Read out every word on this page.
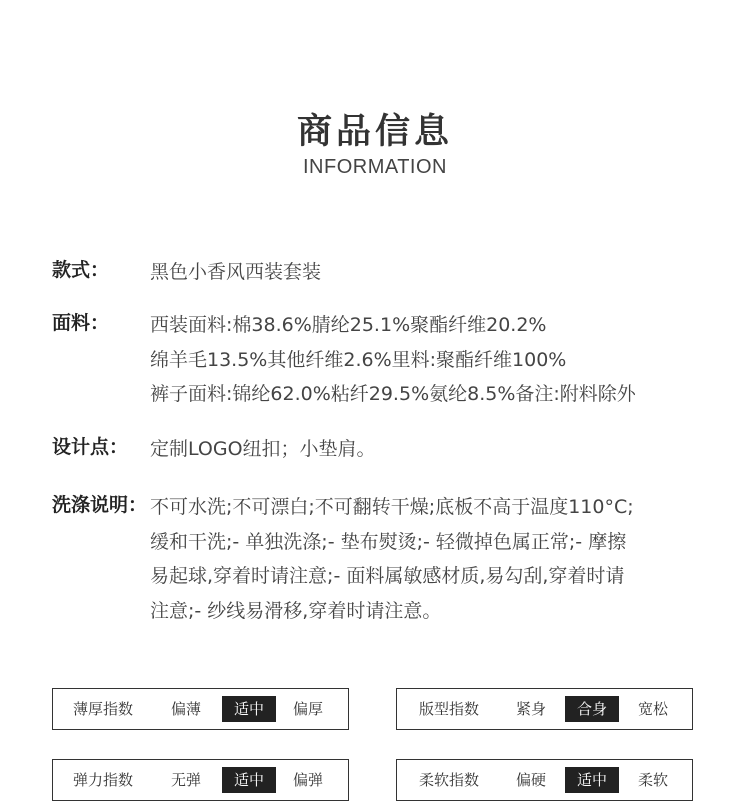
商品信息
INFORMATION
款式： 黑色小香风西装套装
面料： 西装面料:棉38.6%腈纶25.1%聚酯纤维20.2%
绵羊毛13.5%其他纤维2.6%里料:聚酯纤维100%
裤子面料:锦纶62.0%粘纤29.5%氨纶8.5%备注:附料除外
设计点： 定制LOGO纽扣；小垫肩。
洗涤说明： 不可水洗;不可漂白;不可翻转干燥;底板不高于温度110°C;
缓和干洗;- 单独洗涤;- 垫布熨烫;- 轻微掉色属正常;- 摩擦
易起球,穿着时请注意;- 面料属敏感材质,易勾刮,穿着时请
注意;- 纱线易滑移,穿着时请注意。
薄厚指数	偏薄	适中	偏厚	版型指数 紧身	合身	宽松
弹力指数	无弹	适中	偏弹	柔软指数 偏硬	适中	柔软
